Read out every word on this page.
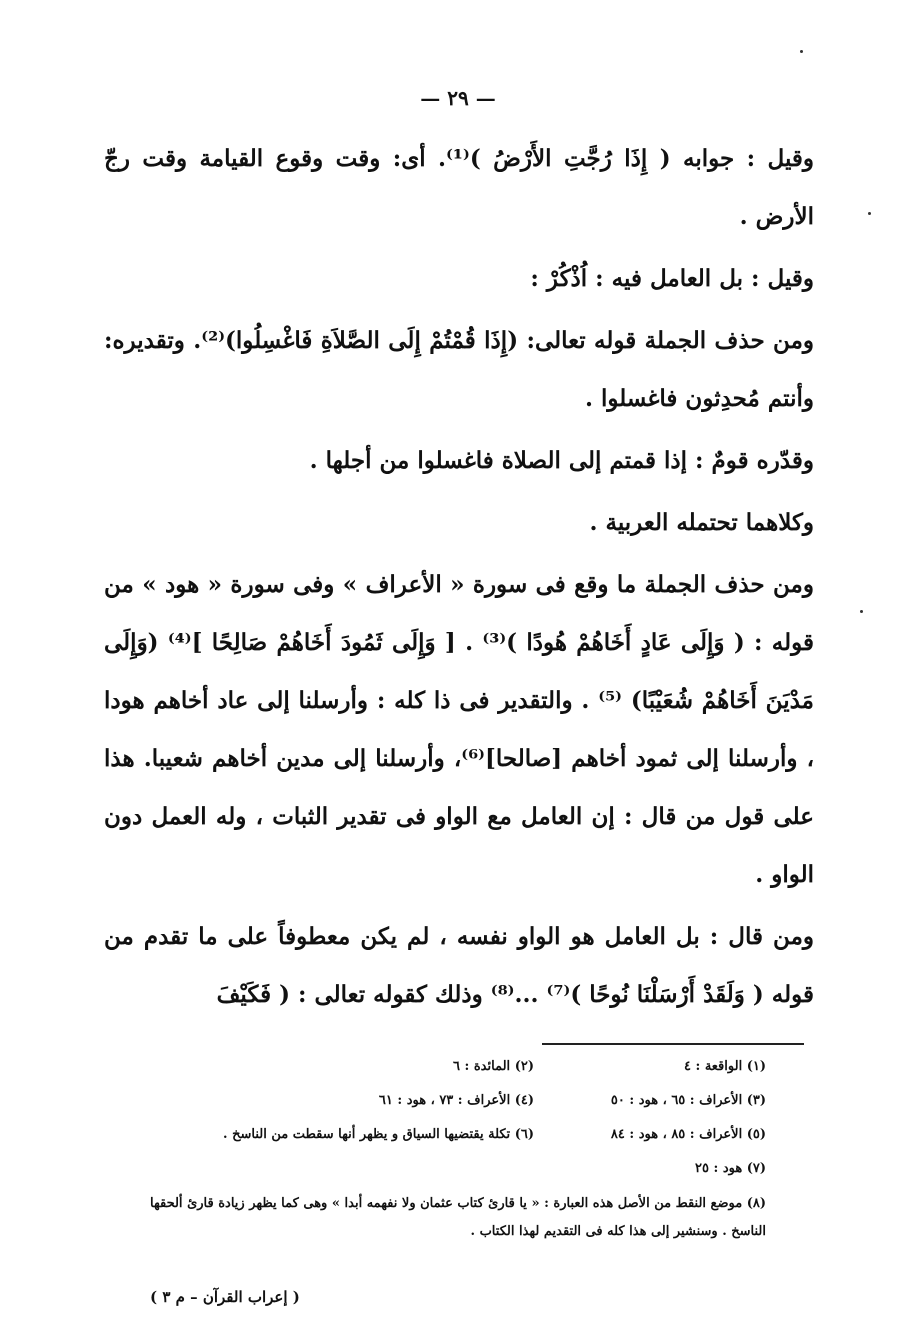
— ٢٩ —

وقيل : جوابه ( إِذَا رُجَّتِ الأَرْضُ )⁽¹⁾. أى: وقت وقوع القيامة وقت رجّ الأرض .

وقيل : بل العامل فيه : اُذْكُرْ :

ومن حذف الجملة قوله تعالى: (إِذَا قُمْتُمْ إِلَى الصَّلاَةِ فَاغْسِلُوا)⁽²⁾. وتقديره: وأنتم مُحدِثون فاغسلوا .

وقدّره قومٌ : إذا قمتم إلى الصلاة فاغسلوا من أجلها .

وكلاهما تحتمله العربية .

ومن حذف الجملة ما وقع فى سورة « الأعراف » وفى سورة « هود » من قوله : ( وَإِلَى عَادٍ أَخَاهُمْ هُودًا )⁽³⁾ . [ وَإِلَى ثَمُودَ أَخَاهُمْ صَالِحًا ]⁽⁴⁾ (وَإِلَى مَدْيَنَ أَخَاهُمْ شُعَيْبًا) ⁽⁵⁾ . والتقدير فى ذا كله : وأرسلنا إلى عاد أخاهم هودا ، وأرسلنا إلى ثمود أخاهم [صالحا]⁽⁶⁾، وأرسلنا إلى مدين أخاهم شعيبا. هذا على قول من قال : إن العامل مع الواو فى تقدير الثبات ، وله العمل دون الواو .

ومن قال : بل العامل هو الواو نفسه ، لم يكن معطوفاً على ما تقدم من قوله ( وَلَقَدْ أَرْسَلْنَا نُوحًا )⁽⁷⁾ ...⁽⁸⁾ وذلك كقوله تعالى : ( فَكَيْفَ

(١) الواقعة : ٤
(٢) المائدة : ٦
(٣) الأعراف : ٦٥ ، هود : ٥٠
(٤) الأعراف : ٧٣ ، هود : ٦١
(٥) الأعراف : ٨٥ ، هود : ٨٤
(٦) تكلة يقتضيها السياق و يظهر أنها سقطت من الناسخ .
(٧) هود : ٢٥
(٨) موضع النقط من الأصل هذه العبارة : « يا قارئ كتاب عثمان ولا نفهمه أبدا » وهى كما يظهر زيادة قارئ ألحقها الناسخ . وسنشير إلى هذا كله فى التقديم لهذا الكتاب .
( إعراب القرآن – م ٣ )
